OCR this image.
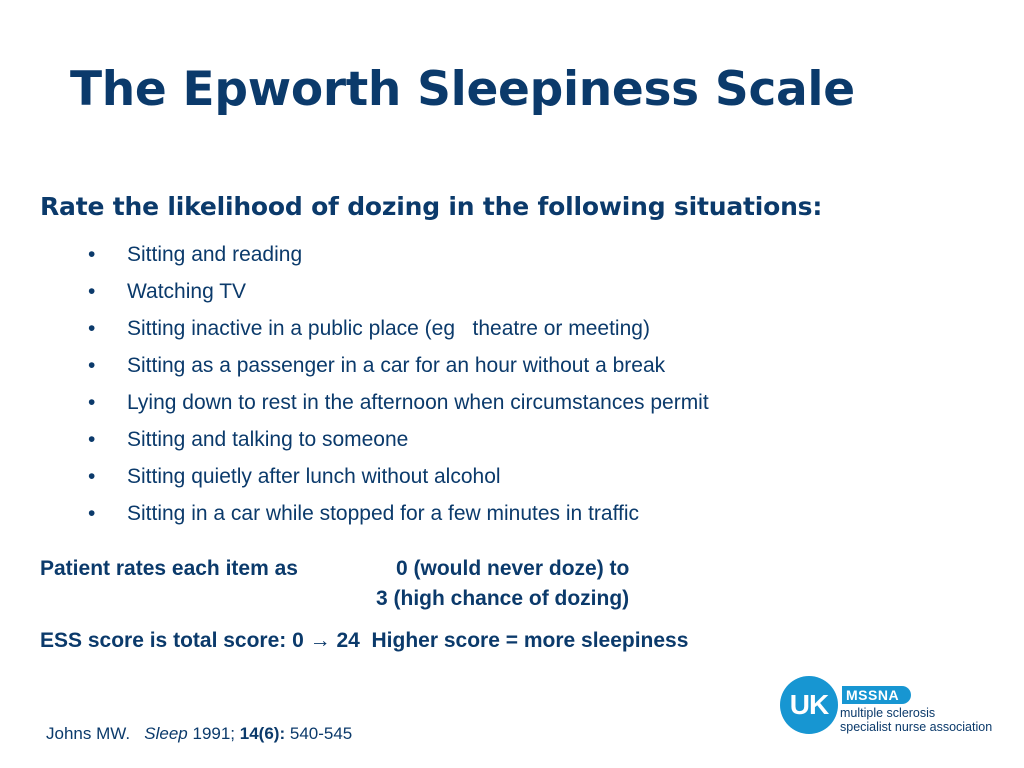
The Epworth Sleepiness Scale
Rate the likelihood of dozing in the following situations:
•	Sitting and reading
•	Watching TV
•	Sitting inactive in a public place (eg   theatre or meeting)
•	Sitting as a passenger in a car for an hour without a break
•	Lying down to rest in the afternoon when circumstances permit
•	Sitting and talking to someone
•	Sitting quietly after lunch without alcohol
•	Sitting in a car while stopped for a few minutes in traffic
Patient rates each item as	0 (would never doze) to
3 (high chance of dozing)
ESS score is total score: 0 → 24  Higher score = more sleepiness
Johns MW. Sleep 1991; 14(6): 540-545
UK	MSSNA
multiple sclerosis
specialist nurse association
